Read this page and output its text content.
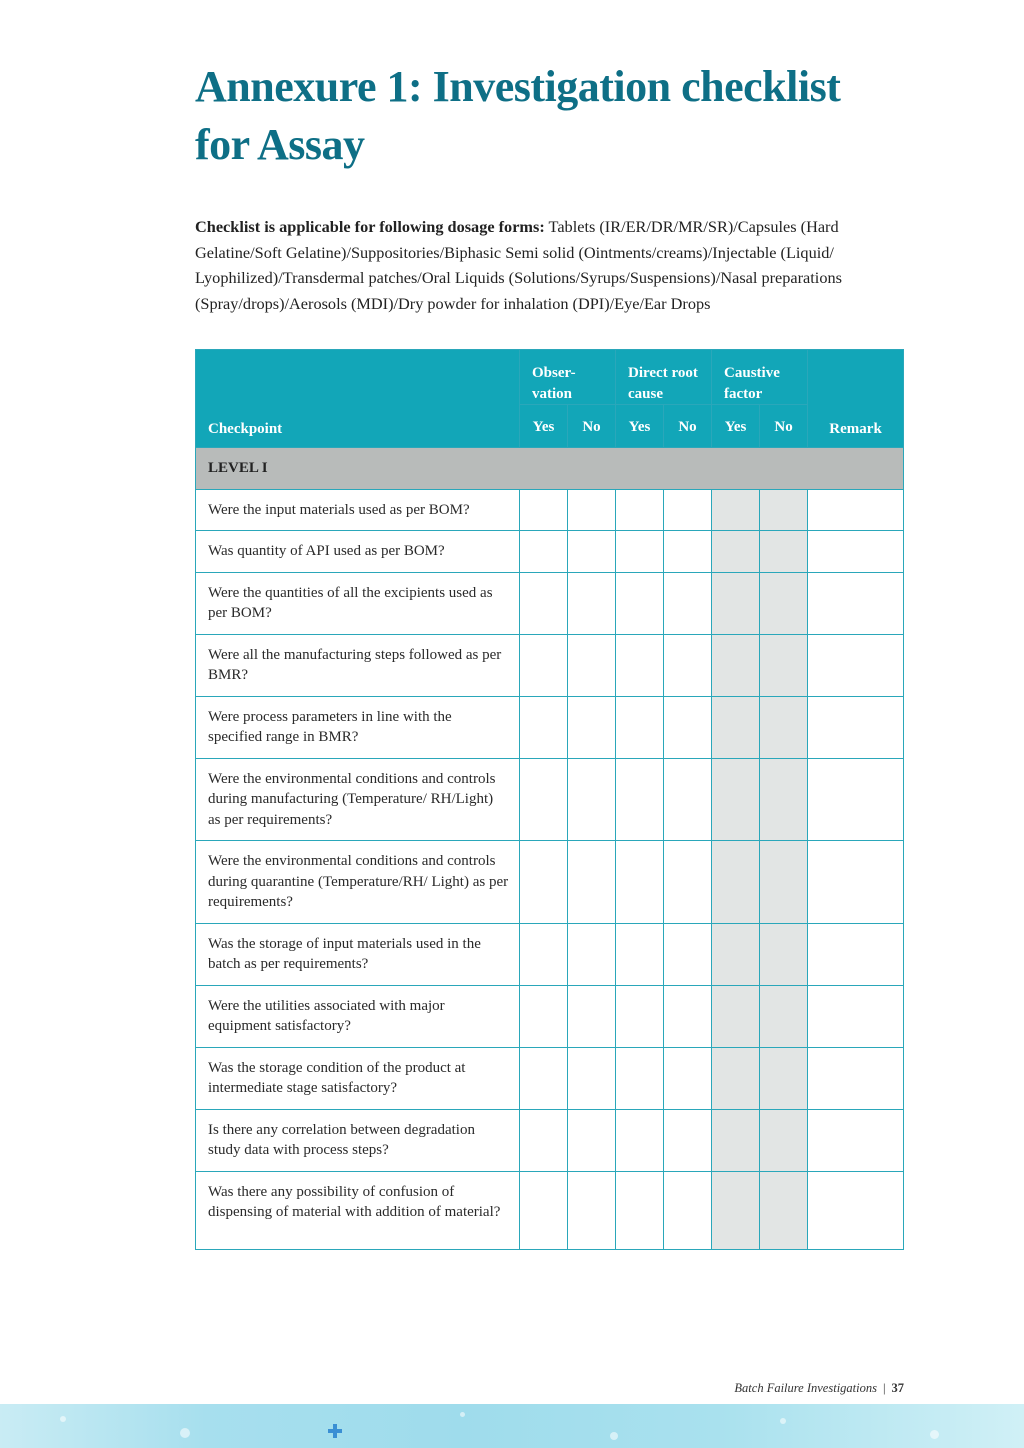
Annexure 1: Investigation checklist for Assay

Checklist is applicable for following dosage forms: Tablets (IR/ER/DR/MR/SR)/Capsules (Hard Gelatine/Soft Gelatine)/Suppositories/Biphasic Semi solid (Ointments/creams)/Injectable (Liquid/ Lyophilized)/Transdermal patches/Oral Liquids (Solutions/Syrups/Suspensions)/Nasal preparations (Spray/drops)/Aerosols (MDI)/Dry powder for inhalation (DPI)/Eye/Ear Drops

Checkpoint	Obser- vation		Direct root cause		Caustive factor		Remark
	Yes	No	Yes	No	Yes	No	
LEVEL I							
Were the input materials used as per BOM?							
Was quantity of API used as per BOM?							
Were the quantities of all the excipients used as per BOM?							
Were all the manufacturing steps followed as per BMR?							
Were process parameters in line with the specified range in BMR?							
Were the environmental conditions and controls during manufacturing (Temperature/ RH/Light) as per requirements?							
Were the environmental conditions and controls during quarantine (Temperature/RH/ Light) as per requirements?							
Was the storage of input materials used in the batch as per requirements?							
Were the utilities associated with major equipment satisfactory?							
Was the storage condition of the product at intermediate stage satisfactory?							
Is there any correlation between degradation study data with process steps?							
Was there any possibility of confusion of dispensing of material with addition of material?							
Batch Failure Investigations | 37
